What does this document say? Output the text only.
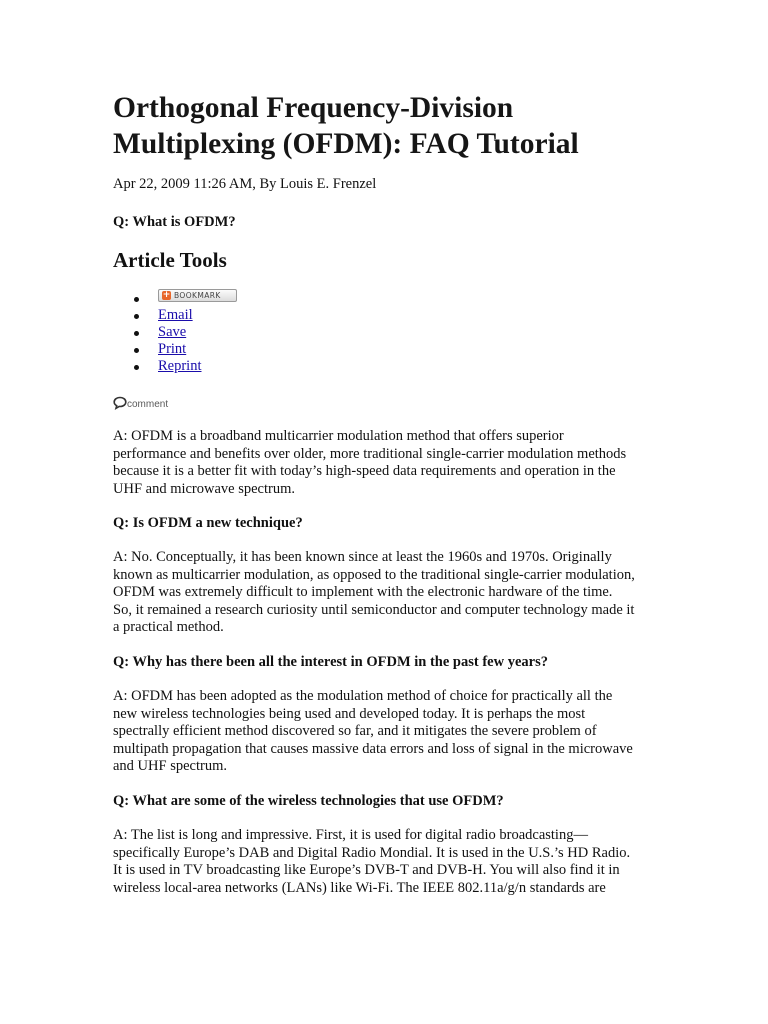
Orthogonal Frequency-Division
Multiplexing (OFDM): FAQ Tutorial

Apr 22, 2009 11:26 AM, By Louis E. Frenzel

Q: What is OFDM?

Article Tools
+ BOOKMARK
Email
Save
Print
Reprint
comment

A: OFDM is a broadband multicarrier modulation method that offers superior
performance and benefits over older, more traditional single-carrier modulation methods
because it is a better fit with today’s high-speed data requirements and operation in the
UHF and microwave spectrum.

Q: Is OFDM a new technique?

A: No. Conceptually, it has been known since at least the 1960s and 1970s. Originally
known as multicarrier modulation, as opposed to the traditional single-carrier modulation,
OFDM was extremely difficult to implement with the electronic hardware of the time.
So, it remained a research curiosity until semiconductor and computer technology made it
a practical method.

Q: Why has there been all the interest in OFDM in the past few years?

A: OFDM has been adopted as the modulation method of choice for practically all the
new wireless technologies being used and developed today. It is perhaps the most
spectrally efficient method discovered so far, and it mitigates the severe problem of
multipath propagation that causes massive data errors and loss of signal in the microwave
and UHF spectrum.

Q: What are some of the wireless technologies that use OFDM?

A: The list is long and impressive. First, it is used for digital radio broadcasting—
specifically Europe’s DAB and Digital Radio Mondial. It is used in the U.S.’s HD Radio.
It is used in TV broadcasting like Europe’s DVB-T and DVB-H. You will also find it in
wireless local-area networks (LANs) like Wi-Fi. The IEEE 802.11a/g/n standards are
